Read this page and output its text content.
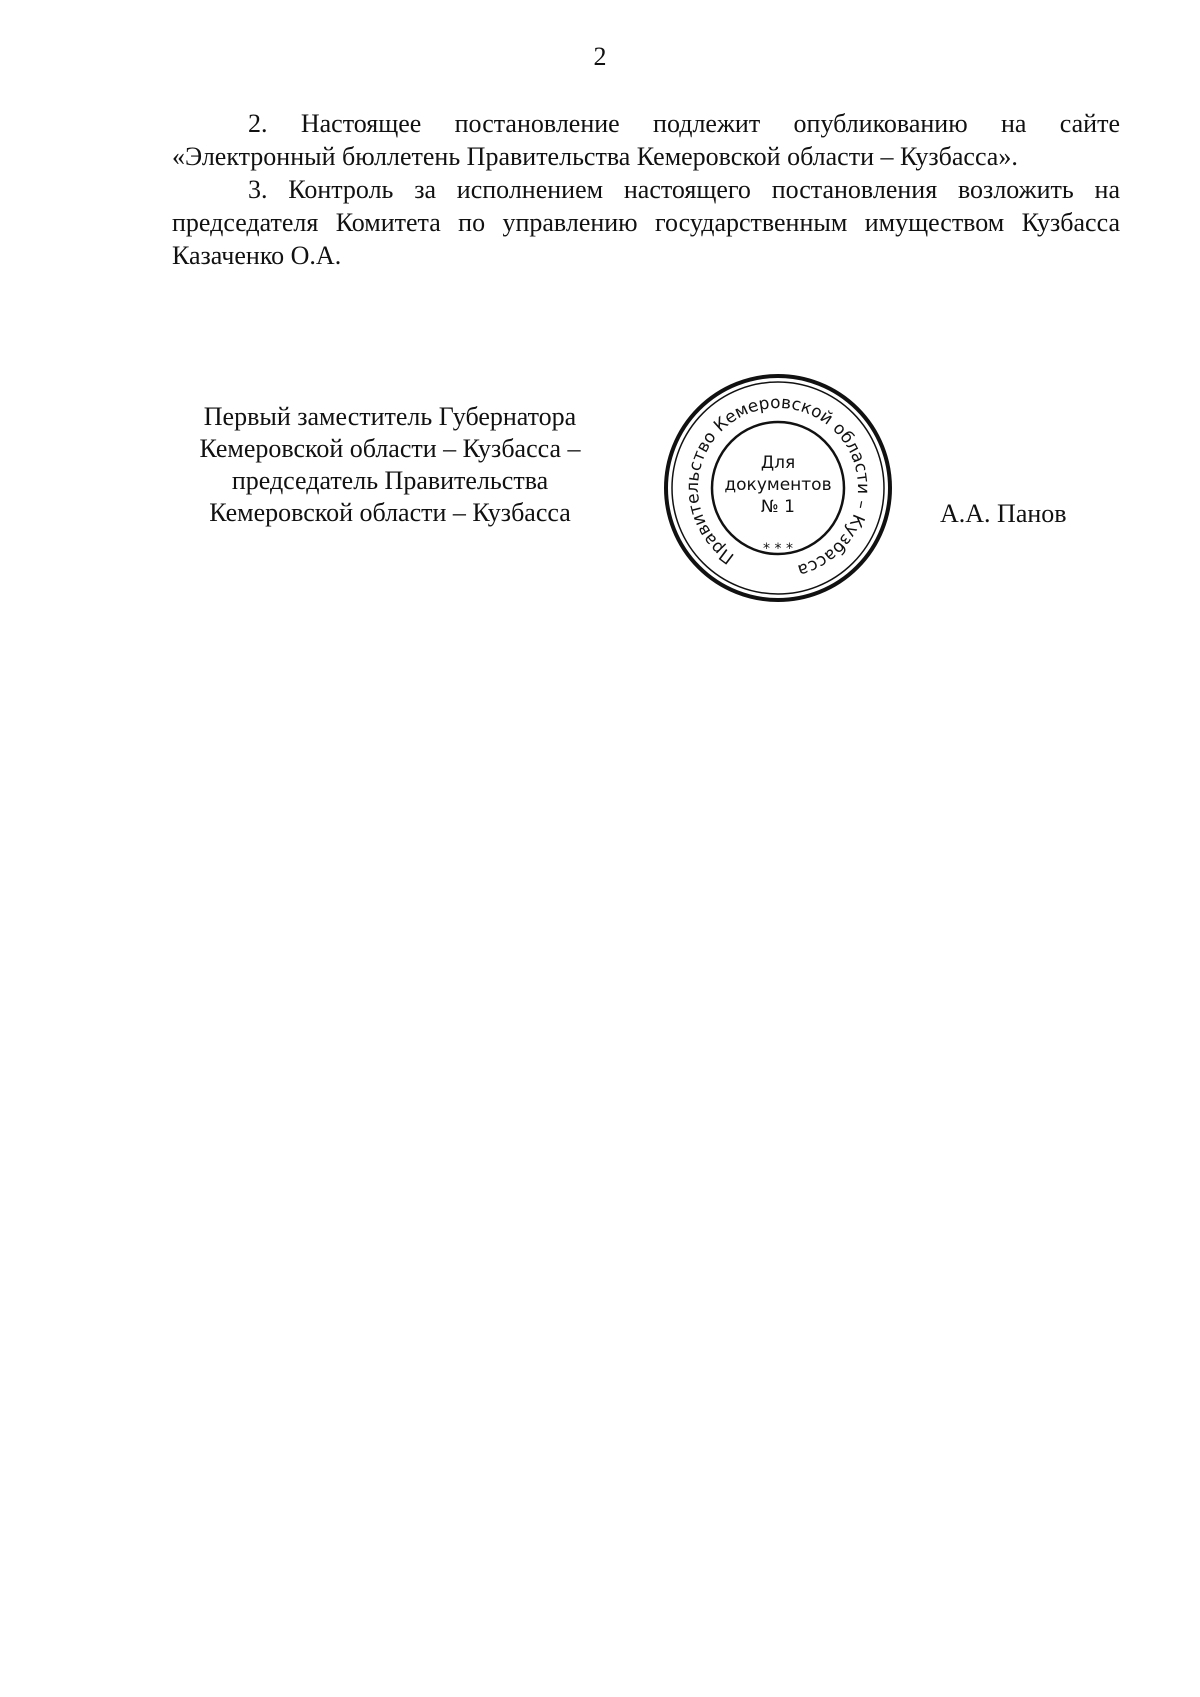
2

2. Настоящее постановление подлежит опубликованию на сайте «Электронный бюллетень Правительства Кемеровской области – Кузбасса».

3. Контроль за исполнением настоящего постановления возложить на председателя Комитета по управлению государственным имуществом Кузбасса Казаченко О.А.

Первый заместитель Губернатора
Кемеровской области – Кузбасса –
председатель Правительства
Кемеровской области – Кузбасса
Правительство Кемеровской области – Кузбасса
* * *
Для
документов
№ 1	А.А. Панов
